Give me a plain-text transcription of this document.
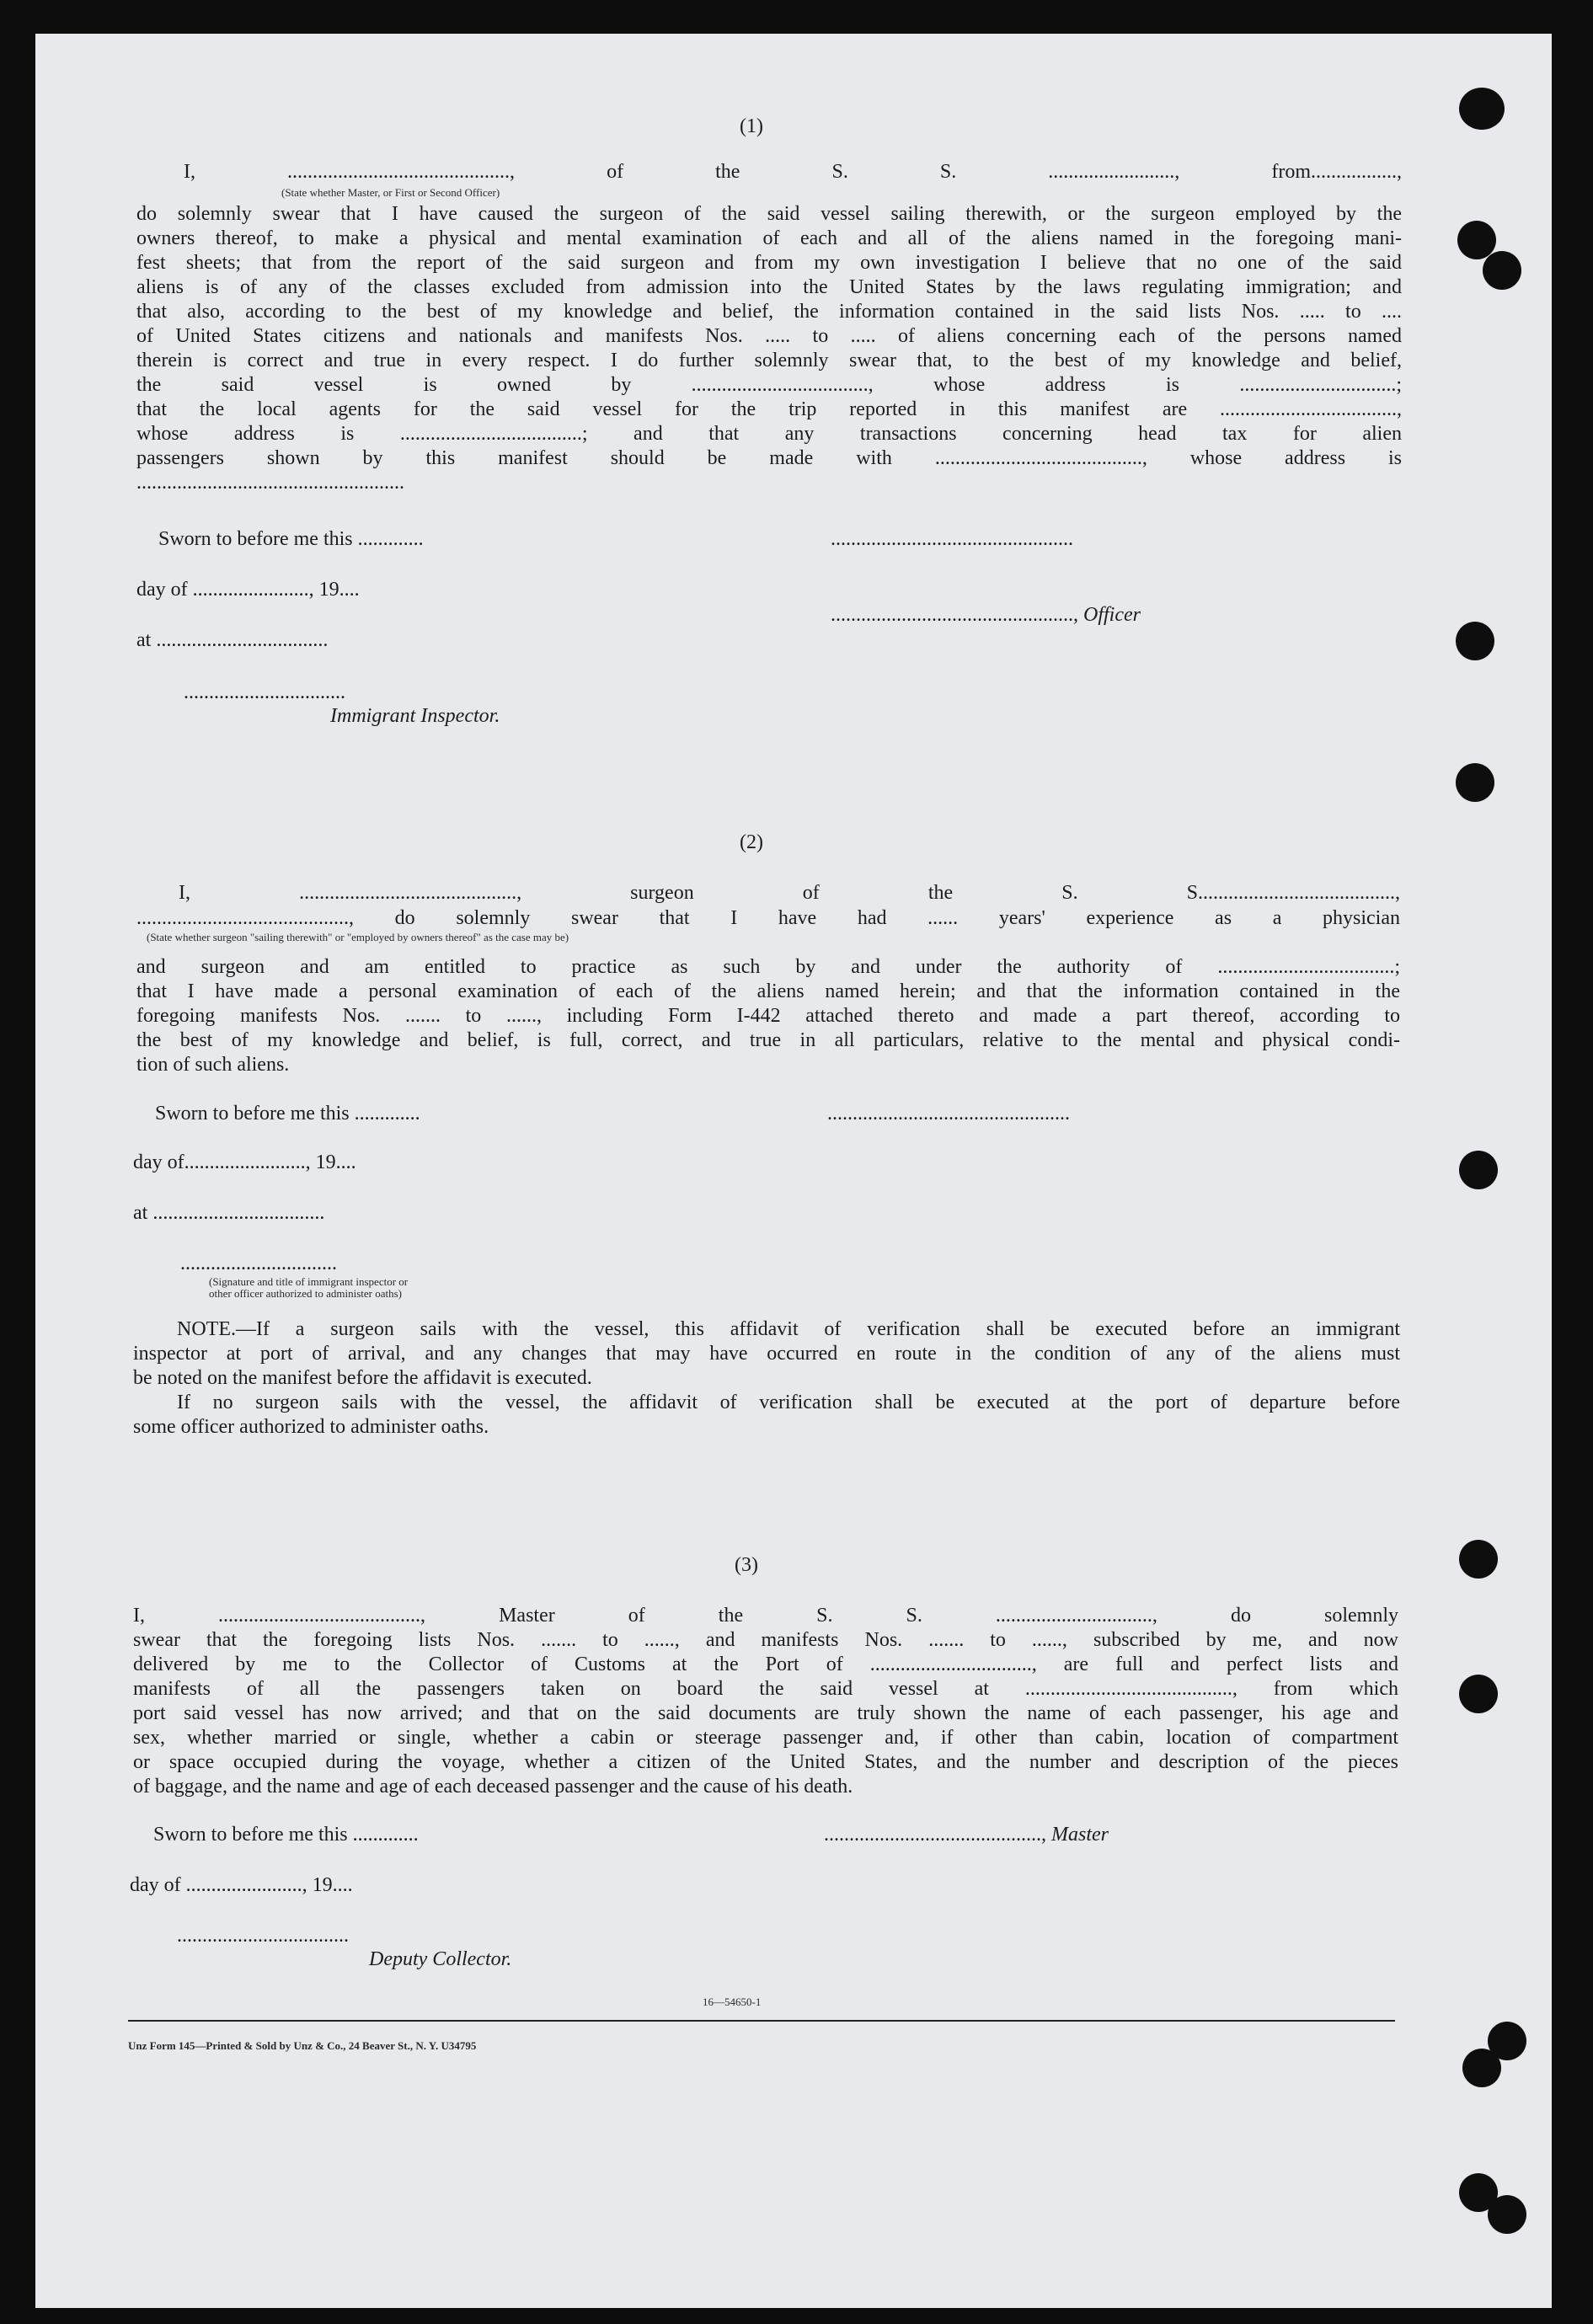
(1)

I, ............................................, of the S. S. ........................., from.................,

(State whether Master, or First or Second Officer)

do solemnly swear that I have caused the surgeon of the said vessel sailing therewith, or the surgeon employed by the

owners thereof, to make a physical and mental examination of each and all of the aliens named in the foregoing mani-

fest sheets; that from the report of the said surgeon and from my own investigation I believe that no one of the said

aliens is of any of the classes excluded from admission into the United States by the laws regulating immigration; and

that also, according to the best of my knowledge and belief, the information contained in the said lists Nos. ..... to ....

of United States citizens and nationals and manifests Nos. ..... to ..... of aliens concerning each of the persons named

therein is correct and true in every respect. I do further solemnly swear that, to the best of my knowledge and belief,

the said vessel is owned by ..................................., whose address is ...............................;

that the local agents for the said vessel for the trip reported in this manifest are ...................................,

whose address is ....................................; and that any transactions concerning head tax for alien

passengers shown by this manifest should be made with ........................................., whose address is

.....................................................

Sworn to before me this .............	................................................

day of ......................., 19....

................................................, Officer

at ..................................

................................

Immigrant Inspector.

(2)

I, ..........................................., surgeon of the S. S.......................................,

.........................................., do solemnly swear that I have had ...... years' experience as a physician

(State whether surgeon "sailing therewith" or "employed by owners thereof" as the case may be)

and surgeon and am entitled to practice as such by and under the authority of ...................................;

that I have made a personal examination of each of the aliens named herein; and that the information contained in the

foregoing manifests Nos. ....... to ......, including Form I-442 attached thereto and made a part thereof, according to

the best of my knowledge and belief, is full, correct, and true in all particulars, relative to the mental and physical condi-

tion of such aliens.

Sworn to before me this .............	................................................

day of........................, 19....

at ..................................

...............................

(Signature and title of immigrant inspector or

other officer authorized to administer oaths)

NOTE.—If a surgeon sails with the vessel, this affidavit of verification shall be executed before an immigrant

inspector at port of arrival, and any changes that may have occurred en route in the condition of any of the aliens must

be noted on the manifest before the affidavit is executed.

If no surgeon sails with the vessel, the affidavit of verification shall be executed at the port of departure before

some officer authorized to administer oaths.

(3)

I, ........................................, Master of the S. S. ..............................., do solemnly

swear that the foregoing lists Nos. ....... to ......, and manifests Nos. ....... to ......, subscribed by me, and now

delivered by me to the Collector of Customs at the Port of ................................, are full and perfect lists and

manifests of all the passengers taken on board the said vessel at ........................................., from which

port said vessel has now arrived; and that on the said documents are truly shown the name of each passenger, his age and

sex, whether married or single, whether a cabin or steerage passenger and, if other than cabin, location of compartment

or space occupied during the voyage, whether a citizen of the United States, and the number and description of the pieces

of baggage, and the name and age of each deceased passenger and the cause of his death.

Sworn to before me this .............	..........................................., Master

day of ......................., 19....

..................................

Deputy Collector.

16—54650-1

Unz Form 145—Printed & Sold by Unz & Co., 24 Beaver St., N. Y. U34795
